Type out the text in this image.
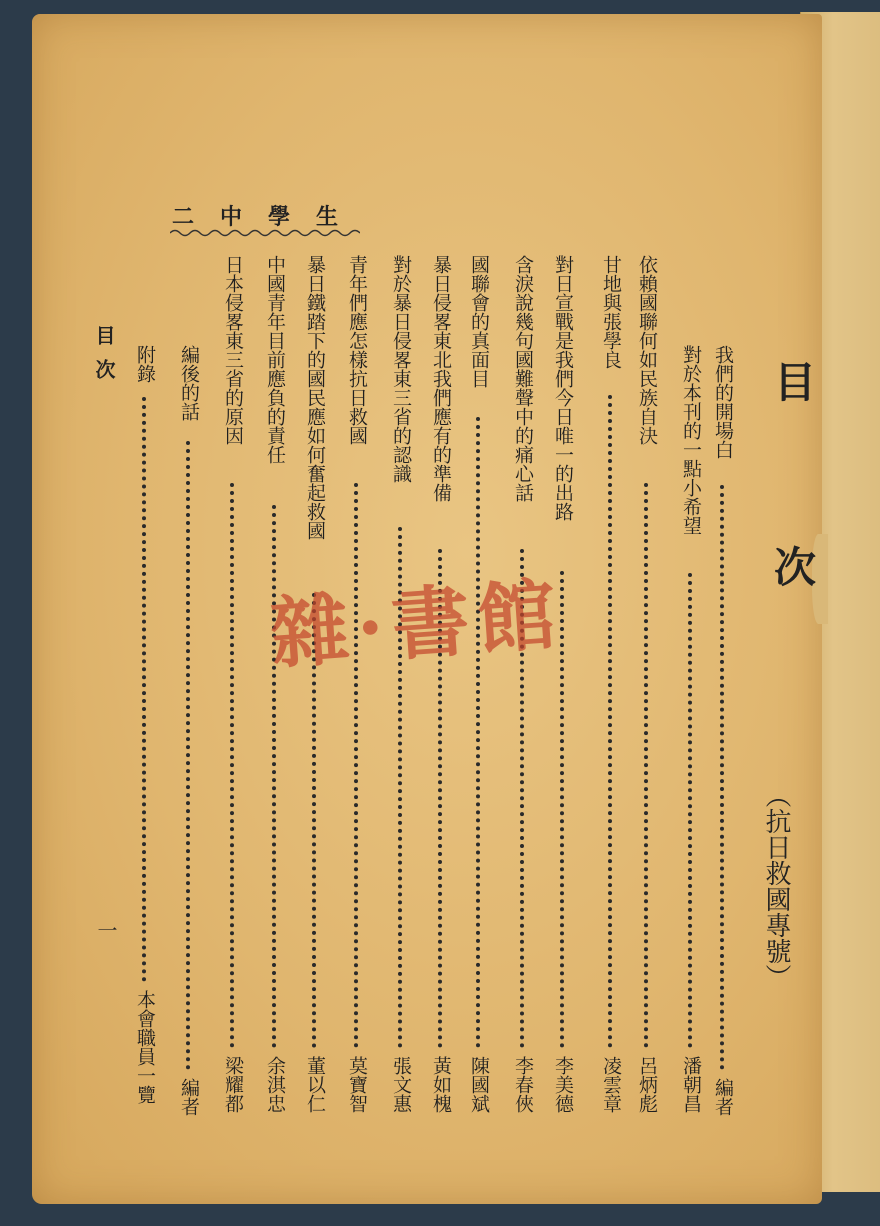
二中學生
目
次
（抗日救國專號）
我們的開場白
編者
對於本刊的一點小希望
潘朝昌
依賴國聯何如民族自決
呂炳彪
甘地與張學良
凌雲章
對日宣戰是我們今日唯一的出路
李美德
含淚說幾句國難聲中的痛心話
李春俠
國聯會的真面目
陳國斌
暴日侵畧東北我們應有的準備
黃如槐
對於暴日侵畧東三省的認識
張文惠
青年們應怎樣抗日救國
莫寶智
暴日鐵踏下的國民應如何奮起救國
董以仁
中國青年目前應負的責任
余淇忠
日本侵畧東三省的原因
梁耀都
編後的話
編者
附錄
本會職員一覽
目次
一
雜·書館
